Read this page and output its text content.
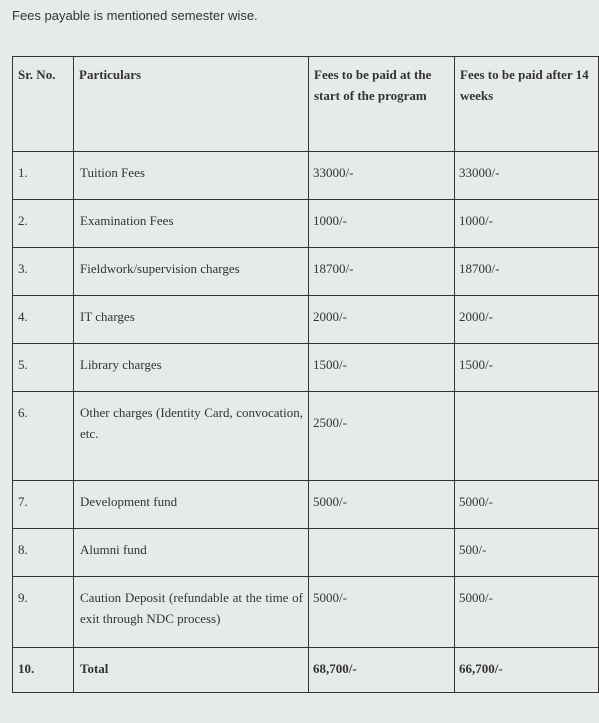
Fees payable is mentioned semester wise.

Sr. No.	Particulars	Fees to be paid at the start of the program	Fees to be paid after 14 weeks

1.	Tuition Fees	33000/-	33000/-

2.	Examination Fees	1000/-	1000/-

3.	Fieldwork/supervision charges	18700/-	18700/-

4.	IT charges	2000/-	2000/-

5.	Library charges	1500/-	1500/-

6.	Other charges (Identity Card, convocation, etc.	2500/-	

7.	Development fund	5000/-	5000/-

8.	Alumni fund		500/-

9.	Caution Deposit (refundable at the time of exit through NDC process)	5000/-	5000/-

10.	Total	68,700/-	66,700/-
